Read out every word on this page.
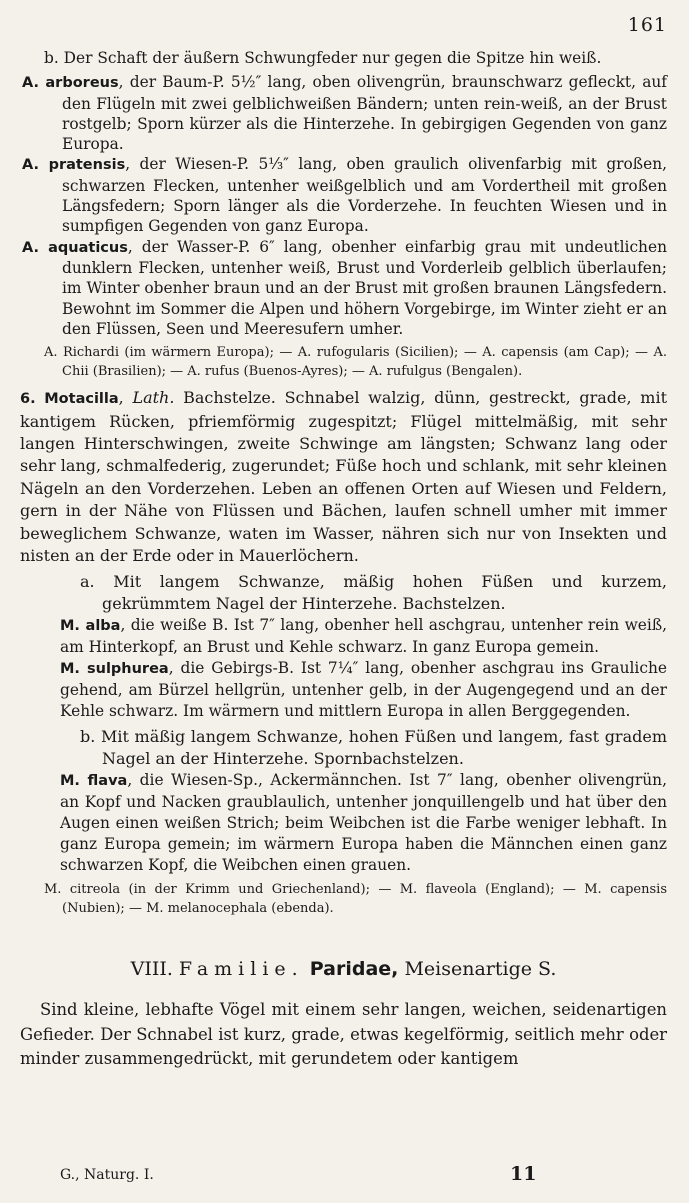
161

b. Der Schaft der äußern Schwungfeder nur gegen die Spitze hin weiß.

A. arboreus, der Baum-P. 5½″ lang, oben olivengrün, braunschwarz gefleckt, auf den Flügeln mit zwei gelblichweißen Bändern; unten rein-weiß, an der Brust rostgelb; Sporn kürzer als die Hinterzehe. In gebirgigen Gegenden von ganz Europa.

A. pratensis, der Wiesen-P. 5⅓″ lang, oben graulich olivenfarbig mit großen, schwarzen Flecken, untenher weißgelblich und am Vordertheil mit großen Längsfedern; Sporn länger als die Vorderzehe. In feuchten Wiesen und in sumpfigen Gegenden von ganz Europa.

A. aquaticus, der Wasser-P. 6″ lang, obenher einfarbig grau mit undeutlichen dunklern Flecken, untenher weiß, Brust und Vorderleib gelblich überlaufen; im Winter obenher braun und an der Brust mit großen braunen Längsfedern. Bewohnt im Sommer die Alpen und höhern Vorgebirge, im Winter zieht er an den Flüssen, Seen und Meeresufern umher.

A. Richardi (im wärmern Europa); — A. rufogularis (Sicilien); — A. capensis (am Cap); — A. Chii (Brasilien); — A. rufus (Buenos-Ayres); — A. rufulgus (Bengalen).

6. Motacilla, Lath. Bachstelze. Schnabel walzig, dünn, gestreckt, grade, mit kantigem Rücken, pfriemförmig zugespitzt; Flügel mittelmäßig, mit sehr langen Hinterschwingen, zweite Schwinge am längsten; Schwanz lang oder sehr lang, schmalfederig, zugerundet; Füße hoch und schlank, mit sehr kleinen Nägeln an den Vorderzehen. Leben an offenen Orten auf Wiesen und Feldern, gern in der Nähe von Flüssen und Bächen, laufen schnell umher mit immer beweglichem Schwanze, waten im Wasser, nähren sich nur von Insekten und nisten an der Erde oder in Mauerlöchern.

a. Mit langem Schwanze, mäßig hohen Füßen und kurzem, gekrümmtem Nagel der Hinterzehe. Bachstelzen.

M. alba, die weiße B. Ist 7″ lang, obenher hell aschgrau, untenher rein weiß, am Hinterkopf, an Brust und Kehle schwarz. In ganz Europa gemein.

M. sulphurea, die Gebirgs-B. Ist 7¼″ lang, obenher aschgrau ins Grauliche gehend, am Bürzel hellgrün, untenher gelb, in der Augengegend und an der Kehle schwarz. Im wärmern und mittlern Europa in allen Berggegenden.

b. Mit mäßig langem Schwanze, hohen Füßen und langem, fast gradem Nagel an der Hinterzehe. Spornbachstelzen.

M. flava, die Wiesen-Sp., Ackermännchen. Ist 7″ lang, obenher olivengrün, an Kopf und Nacken graublaulich, untenher jonquillengelb und hat über den Augen einen weißen Strich; beim Weibchen ist die Farbe weniger lebhaft. In ganz Europa gemein; im wärmern Europa haben die Männchen einen ganz schwarzen Kopf, die Weibchen einen grauen.

M. citreola (in der Krimm und Griechenland); — M. flaveola (England); — M. capensis (Nubien); — M. melanocephala (ebenda).

VIII. Familie. Paridae, Meisenartige S.

Sind kleine, lebhafte Vögel mit einem sehr langen, weichen, seidenartigen Gefieder. Der Schnabel ist kurz, grade, etwas kegelförmig, seitlich mehr oder minder zusammengedrückt, mit gerundetem oder kantigem

G., Naturg. I.	11
